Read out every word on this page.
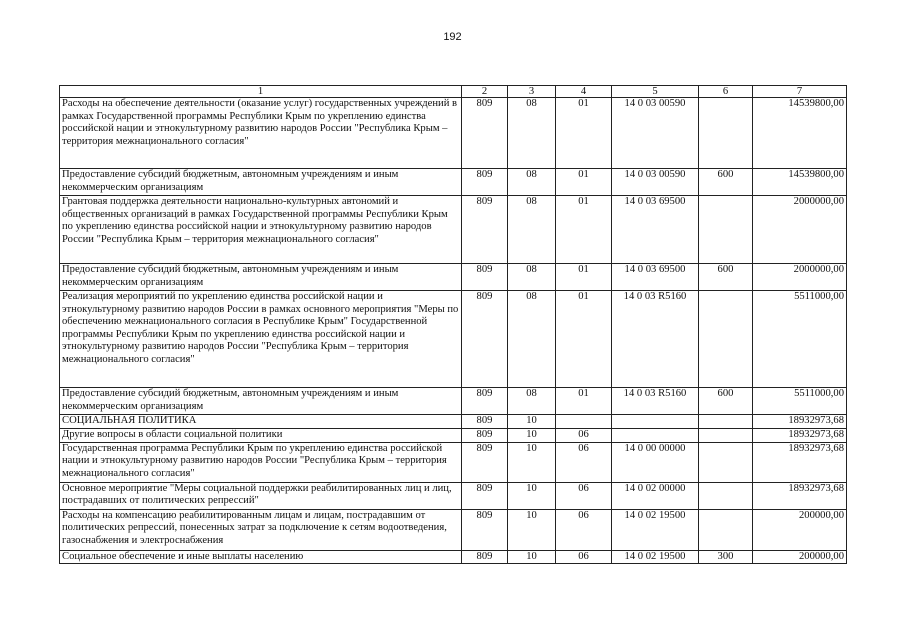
192
1	2	3	4	5	6	7
Расходы на обеспечение деятельности (оказание услуг) государственных учреждений в рамках Государственной программы Республики Крым по укреплению единства российской нации и этнокультурному развитию народов России "Республика Крым – территория межнационального согласия"	809	08	01	14 0 03 00590		14539800,00
Предоставление субсидий бюджетным, автономным учреждениям и иным некоммерческим организациям	809	08	01	14 0 03 00590	600	14539800,00
Грантовая поддержка деятельности национально-культурных автономий и общественных организаций в рамках Государственной программы Республики Крым по укреплению единства российской нации и этнокультурному развитию народов России "Республика Крым – территория межнационального согласия"	809	08	01	14 0 03 69500		2000000,00
Предоставление субсидий бюджетным, автономным учреждениям и иным некоммерческим организациям	809	08	01	14 0 03 69500	600	2000000,00
Реализация мероприятий по укреплению единства российской нации и этнокультурному развитию народов России в рамках основного мероприятия "Меры по обеспечению межнационального согласия в Республике Крым" Государственной программы Республики Крым по укреплению единства российской нации и этнокультурному развитию народов России "Республика Крым – территория межнационального согласия"	809	08	01	14 0 03 R5160		5511000,00
Предоставление субсидий бюджетным, автономным учреждениям и иным некоммерческим организациям	809	08	01	14 0 03 R5160	600	5511000,00
СОЦИАЛЬНАЯ ПОЛИТИКА	809	10				18932973,68
Другие вопросы в области социальной политики	809	10	06			18932973,68
Государственная программа Республики Крым по укреплению единства российской нации и этнокультурному развитию народов России "Республика Крым – территория межнационального согласия"	809	10	06	14 0 00 00000		18932973,68
Основное мероприятие "Меры социальной поддержки реабилитированных лиц и лиц, пострадавших от политических репрессий"	809	10	06	14 0 02 00000		18932973,68
Расходы на компенсацию реабилитированным лицам и лицам, пострадавшим от политических репрессий, понесенных затрат за подключение к сетям водоотведения, газоснабжения и электроснабжения	809	10	06	14 0 02 19500		200000,00
Социальное обеспечение и иные выплаты населению	809	10	06	14 0 02 19500	300	200000,00
